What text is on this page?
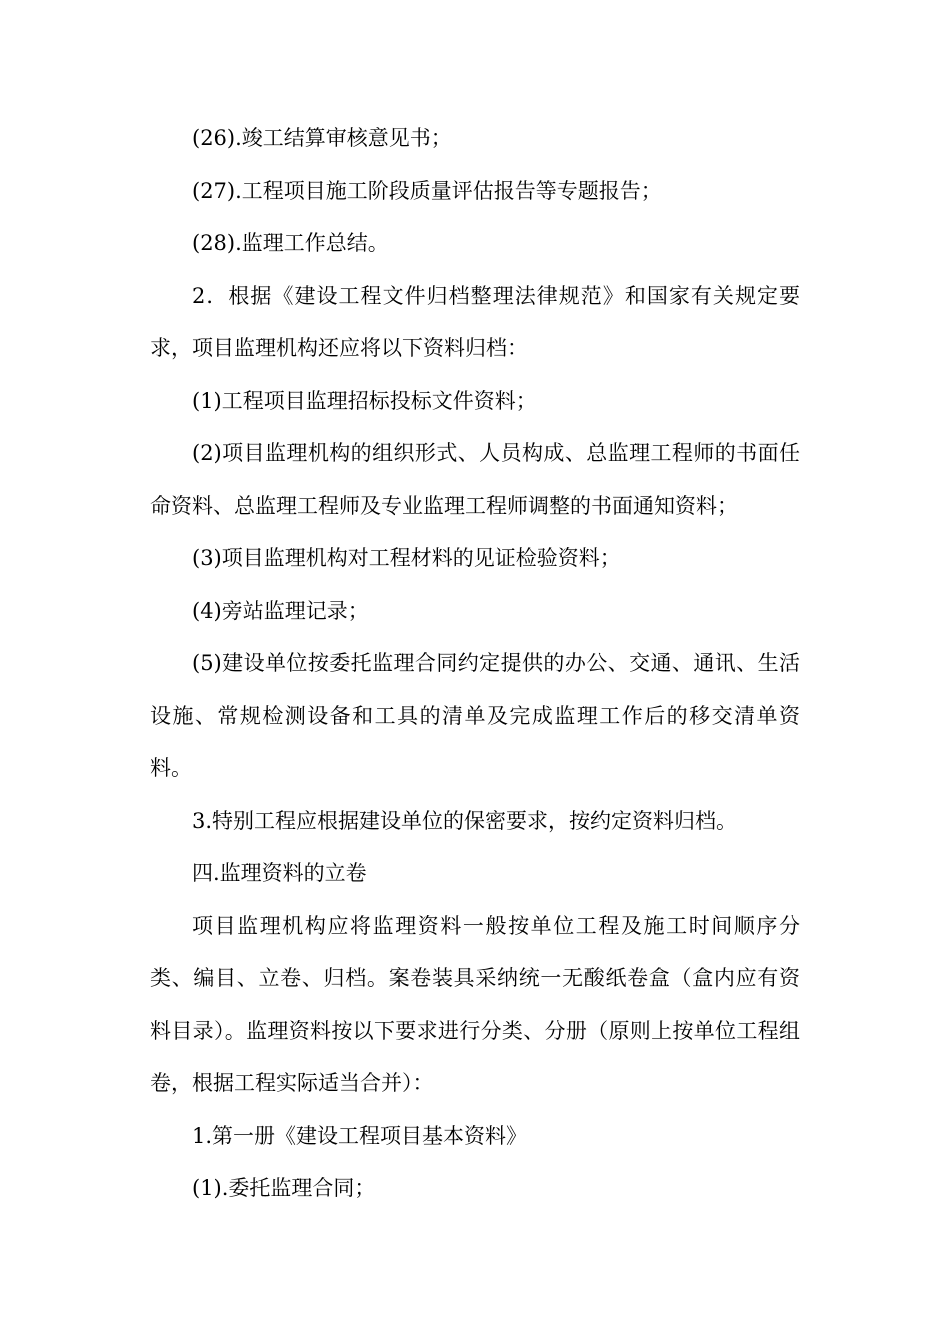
(26).竣工结算审核意见书；

(27).工程项目施工阶段质量评估报告等专题报告；

(28).监理工作总结。

2．根据《建设工程文件归档整理法律规范》和国家有关规定要求，项目监理机构还应将以下资料归档：

(1)工程项目监理招标投标文件资料；

(2)项目监理机构的组织形式、人员构成、总监理工程师的书面任命资料、总监理工程师及专业监理工程师调整的书面通知资料；

(3)项目监理机构对工程材料的见证检验资料；

(4)旁站监理记录；

(5)建设单位按委托监理合同约定提供的办公、交通、通讯、生活设施、常规检测设备和工具的清单及完成监理工作后的移交清单资料。

3.特别工程应根据建设单位的保密要求，按约定资料归档。

四.监理资料的立卷

项目监理机构应将监理资料一般按单位工程及施工时间顺序分类、编目、立卷、归档。案卷装具采纳统一无酸纸卷盒（盒内应有资料目录）。监理资料按以下要求进行分类、分册（原则上按单位工程组卷，根据工程实际适当合并）：

1.第一册《建设工程项目基本资料》

(1).委托监理合同；
